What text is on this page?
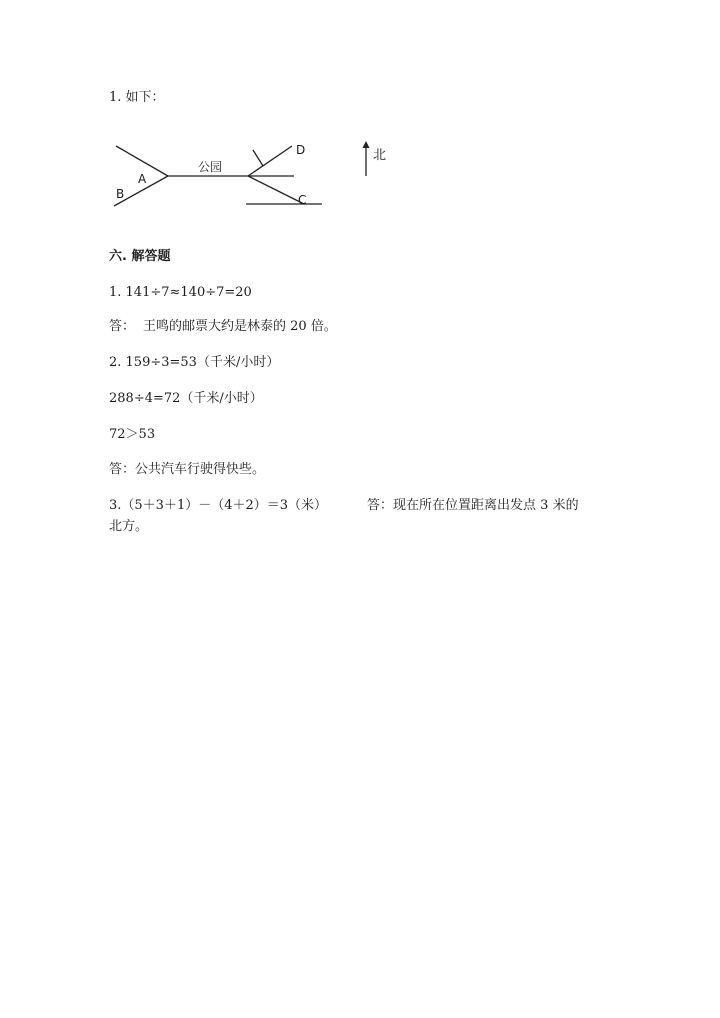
1. 如下：
公园
A
B
D
C
北
六. 解答题
1. 141÷7≈140÷7=20
答： 王鸣的邮票大约是林泰的 20 倍。
2. 159÷3=53（千米/小时）
288÷4=72（千米/小时）
72＞53
答：公共汽车行驶得快些。
3.（5＋3＋1）－（4＋2）＝3（米）	答：现在所在位置距离出发点 3 米的
北方。
